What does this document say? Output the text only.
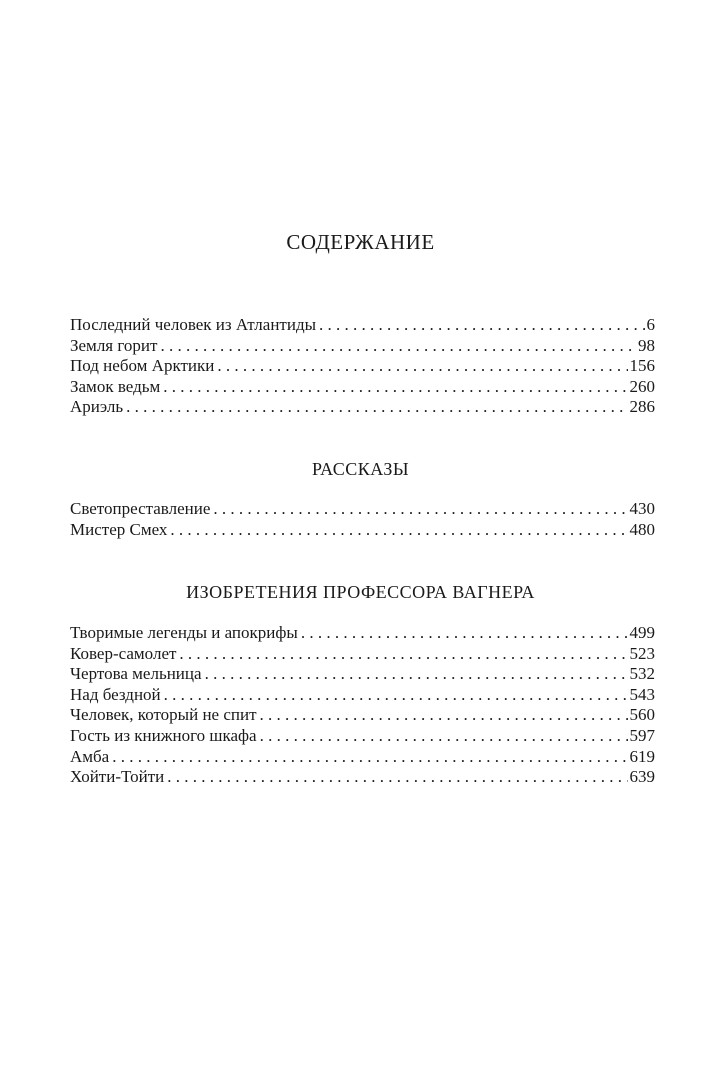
СОДЕРЖАНИЕ
Последний человек из Атлантиды . . .	6
Земля горит . . .	98
Под небом Арктики . . .	156
Замок ведьм . . .	260
Ариэль . . .	286
РАССКАЗЫ
Светопреставление . . .	430
Мистер Смех . . .	480
ИЗОБРЕТЕНИЯ ПРОФЕССОРА ВАГНЕРА
Творимые легенды и апокрифы . . .	499
Ковер-самолет . . .	523
Чертова мельница . . .	532
Над бездной . . .	543
Человек, который не спит . . .	560
Гость из книжного шкафа . . .	597
Амба . . .	619
Хойти-Тойти . . .	639
